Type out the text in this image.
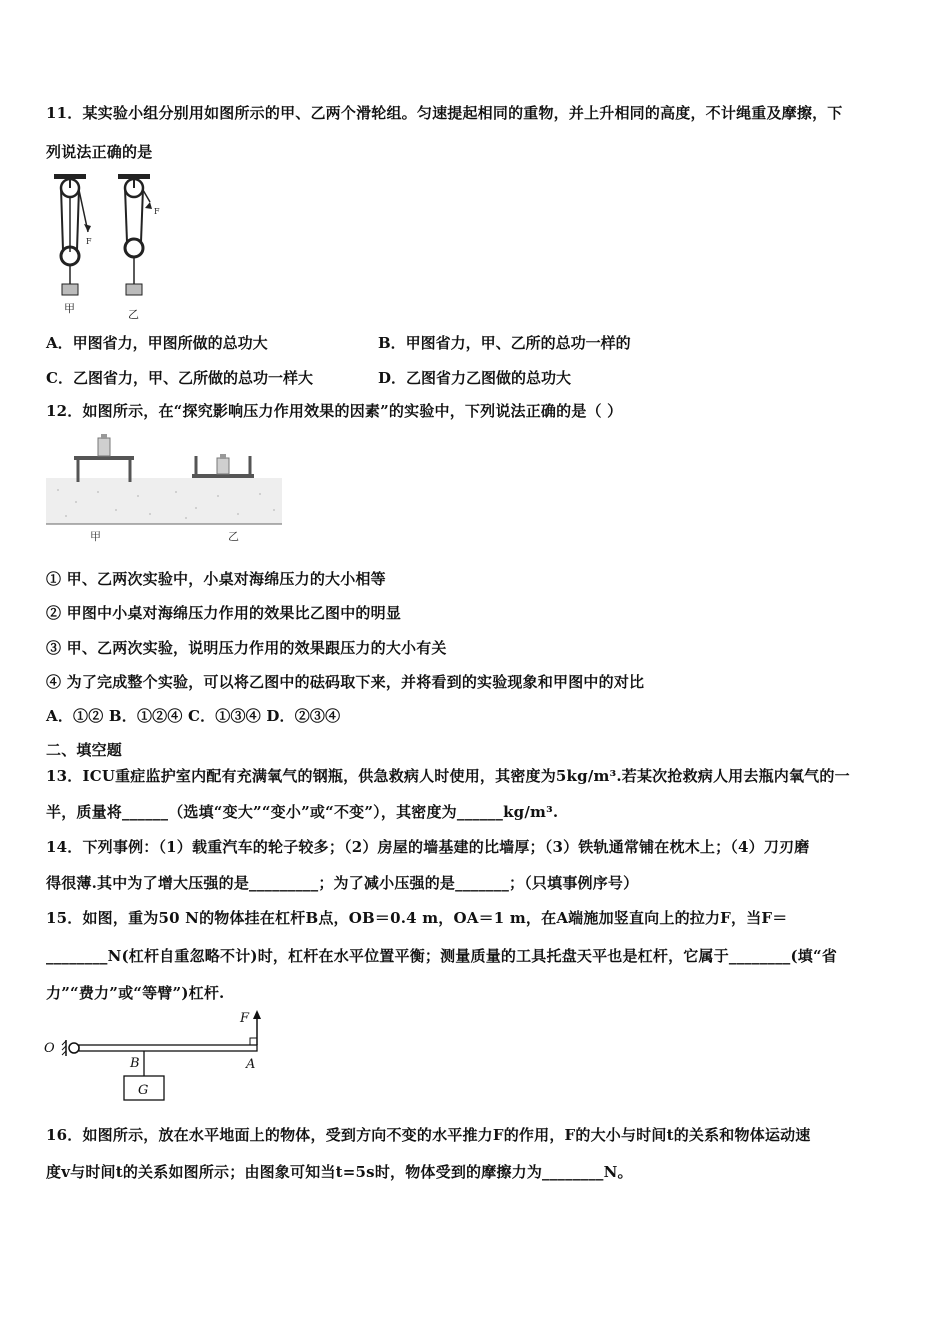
11．某实验小组分别用如图所示的甲、乙两个滑轮组。匀速提起相同的重物，并上升相同的高度，不计绳重及摩擦，下
列说法正确的是
F
甲
F
乙
A．甲图省力，甲图所做的总功大	B．甲图省力，甲、乙所的总功一样的
C．乙图省力，甲、乙所做的总功一样大	D．乙图省力乙图做的总功大
12．如图所示，在“探究影响压力作用效果的因素”的实验中，下列说法正确的是（ ）
甲	乙
① 甲、乙两次实验中，小桌对海绵压力的大小相等
② 甲图中小桌对海绵压力作用的效果比乙图中的明显
③ 甲、乙两次实验，说明压力作用的效果跟压力的大小有关
④ 为了完成整个实验，可以将乙图中的砝码取下来，并将看到的实验现象和甲图中的对比
A．①② B．①②④ C．①③④ D．②③④
二、填空题
13．ICU重症监护室内配有充满氧气的钢瓶，供急救病人时使用，其密度为5kg/m³.若某次抢救病人用去瓶内氧气的一
半，质量将______（选填“变大”“变小”或“不变”），其密度为______kg/m³.
14．下列事例：（1）载重汽车的轮子较多；（2）房屋的墙基建的比墙厚；（3）铁轨通常铺在枕木上；（4）刀刃磨
得很薄.其中为了增大压强的是_________；为了减小压强的是_______；（只填事例序号）
15．如图，重为50 N的物体挂在杠杆B点，OB＝0.4 m，OA＝1 m，在A端施加竖直向上的拉力F，当F＝
________N(杠杆自重忽略不计)时，杠杆在水平位置平衡；测量质量的工具托盘天平也是杠杆，它属于________(填“省
力”“费力”或“等臂”)杠杆.
O
F
A
B
G
16．如图所示，放在水平地面上的物体，受到方向不变的水平推力F的作用，F的大小与时间t的关系和物体运动速
度v与时间t的关系如图所示；由图象可知当t=5s时，物体受到的摩擦力为________N。
